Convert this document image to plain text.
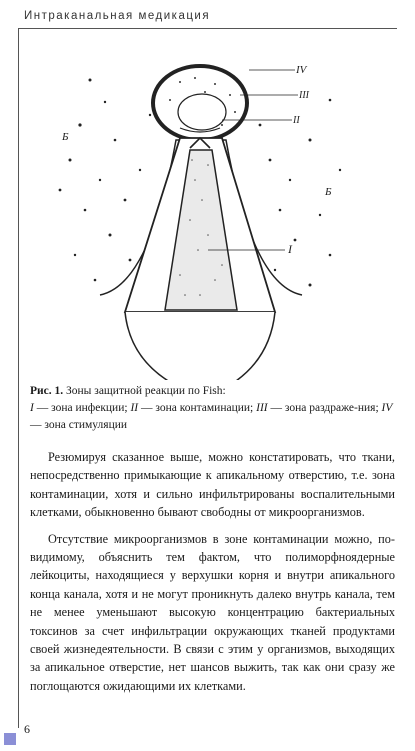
Интраканальная медикация
IV
III
II
I
Б
Б
Рис. 1. Зоны защитной реакции по Fish:
I — зона инфекции; II — зона контаминации; III — зона раздраже-ния; IV — зона стимуляции

Резюмируя сказанное выше, можно констатировать, что ткани, непосредственно примыкающие к апикальному отверстию, т.е. зона контаминации, хотя и сильно инфильтрированы воспалительными клетками, обыкновенно бывают свободны от микроорганизмов.

Отсутствие микроорганизмов в зоне контаминации можно, по-видимому, объяснить тем фактом, что полиморфноядерные лейкоциты, находящиеся у верхушки корня и внутри апикального конца канала, хотя и не могут проникнуть далеко внутрь канала, тем не менее уменьшают высокую концентрацию бактериальных токсинов за счет инфильтрации окружающих тканей продуктами своей жизнедеятельности. В связи с этим у организмов, выходящих за апикальное отверстие, нет шансов выжить, так как они сразу же поглощаются ожидающими их клетками.

6
